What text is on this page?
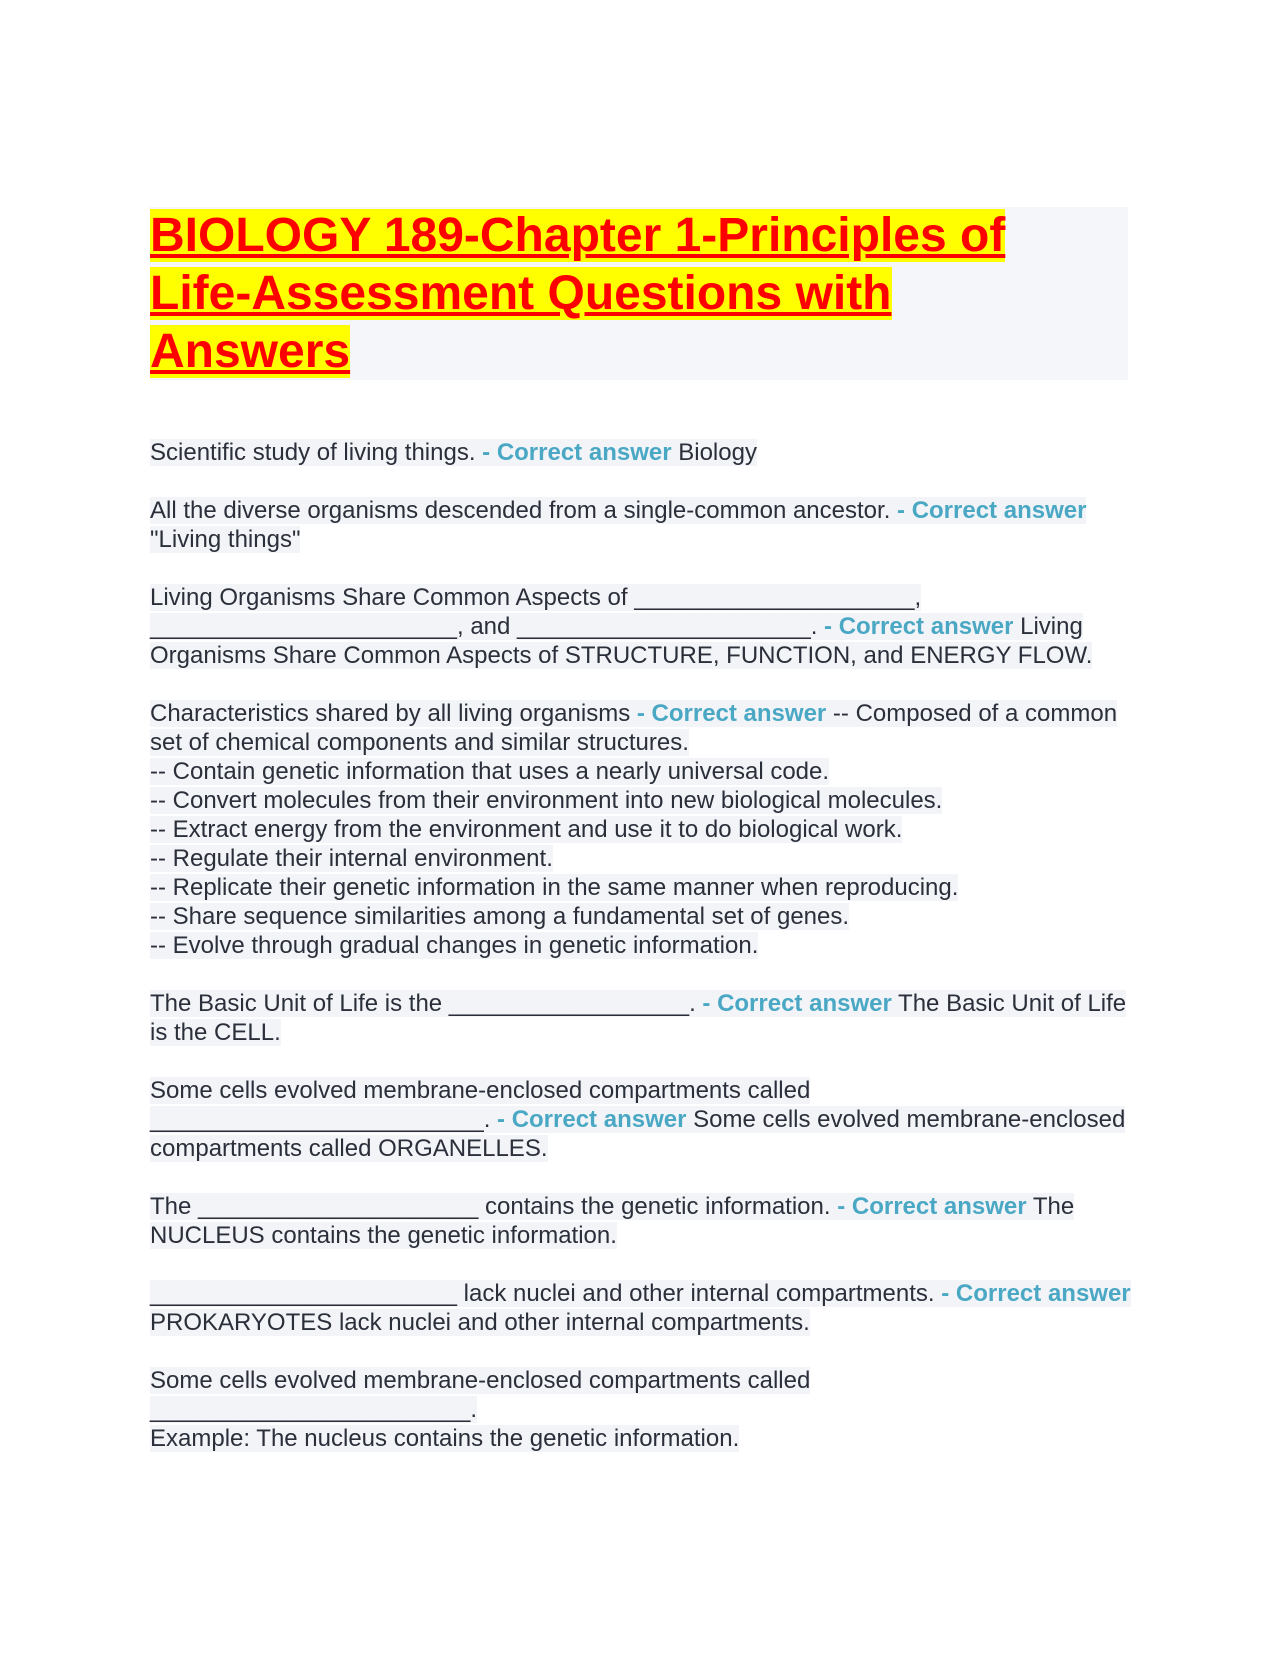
BIOLOGY 189-Chapter 1-Principles of
Life-Assessment Questions with
Answers

Scientific study of living things. - Correct answer Biology

All the diverse organisms descended from a single-common ancestor. - Correct answer "Living things"

Living Organisms Share Common Aspects of _____________________, _______________________, and ______________________. - Correct answer Living Organisms Share Common Aspects of STRUCTURE, FUNCTION, and ENERGY FLOW.

Characteristics shared by all living organisms - Correct answer -- Composed of a common set of chemical components and similar structures.
-- Contain genetic information that uses a nearly universal code.
-- Convert molecules from their environment into new biological molecules.
-- Extract energy from the environment and use it to do biological work.
-- Regulate their internal environment.
-- Replicate their genetic information in the same manner when reproducing.
-- Share sequence similarities among a fundamental set of genes.
-- Evolve through gradual changes in genetic information.

The Basic Unit of Life is the __________________. - Correct answer The Basic Unit of Life is the CELL.

Some cells evolved membrane-enclosed compartments called _________________________. - Correct answer Some cells evolved membrane-enclosed compartments called ORGANELLES.

The _____________________ contains the genetic information. - Correct answer The NUCLEUS contains the genetic information.

_______________________ lack nuclei and other internal compartments. - Correct answer PROKARYOTES lack nuclei and other internal compartments.

Some cells evolved membrane-enclosed compartments called
________________________.
Example: The nucleus contains the genetic information.
